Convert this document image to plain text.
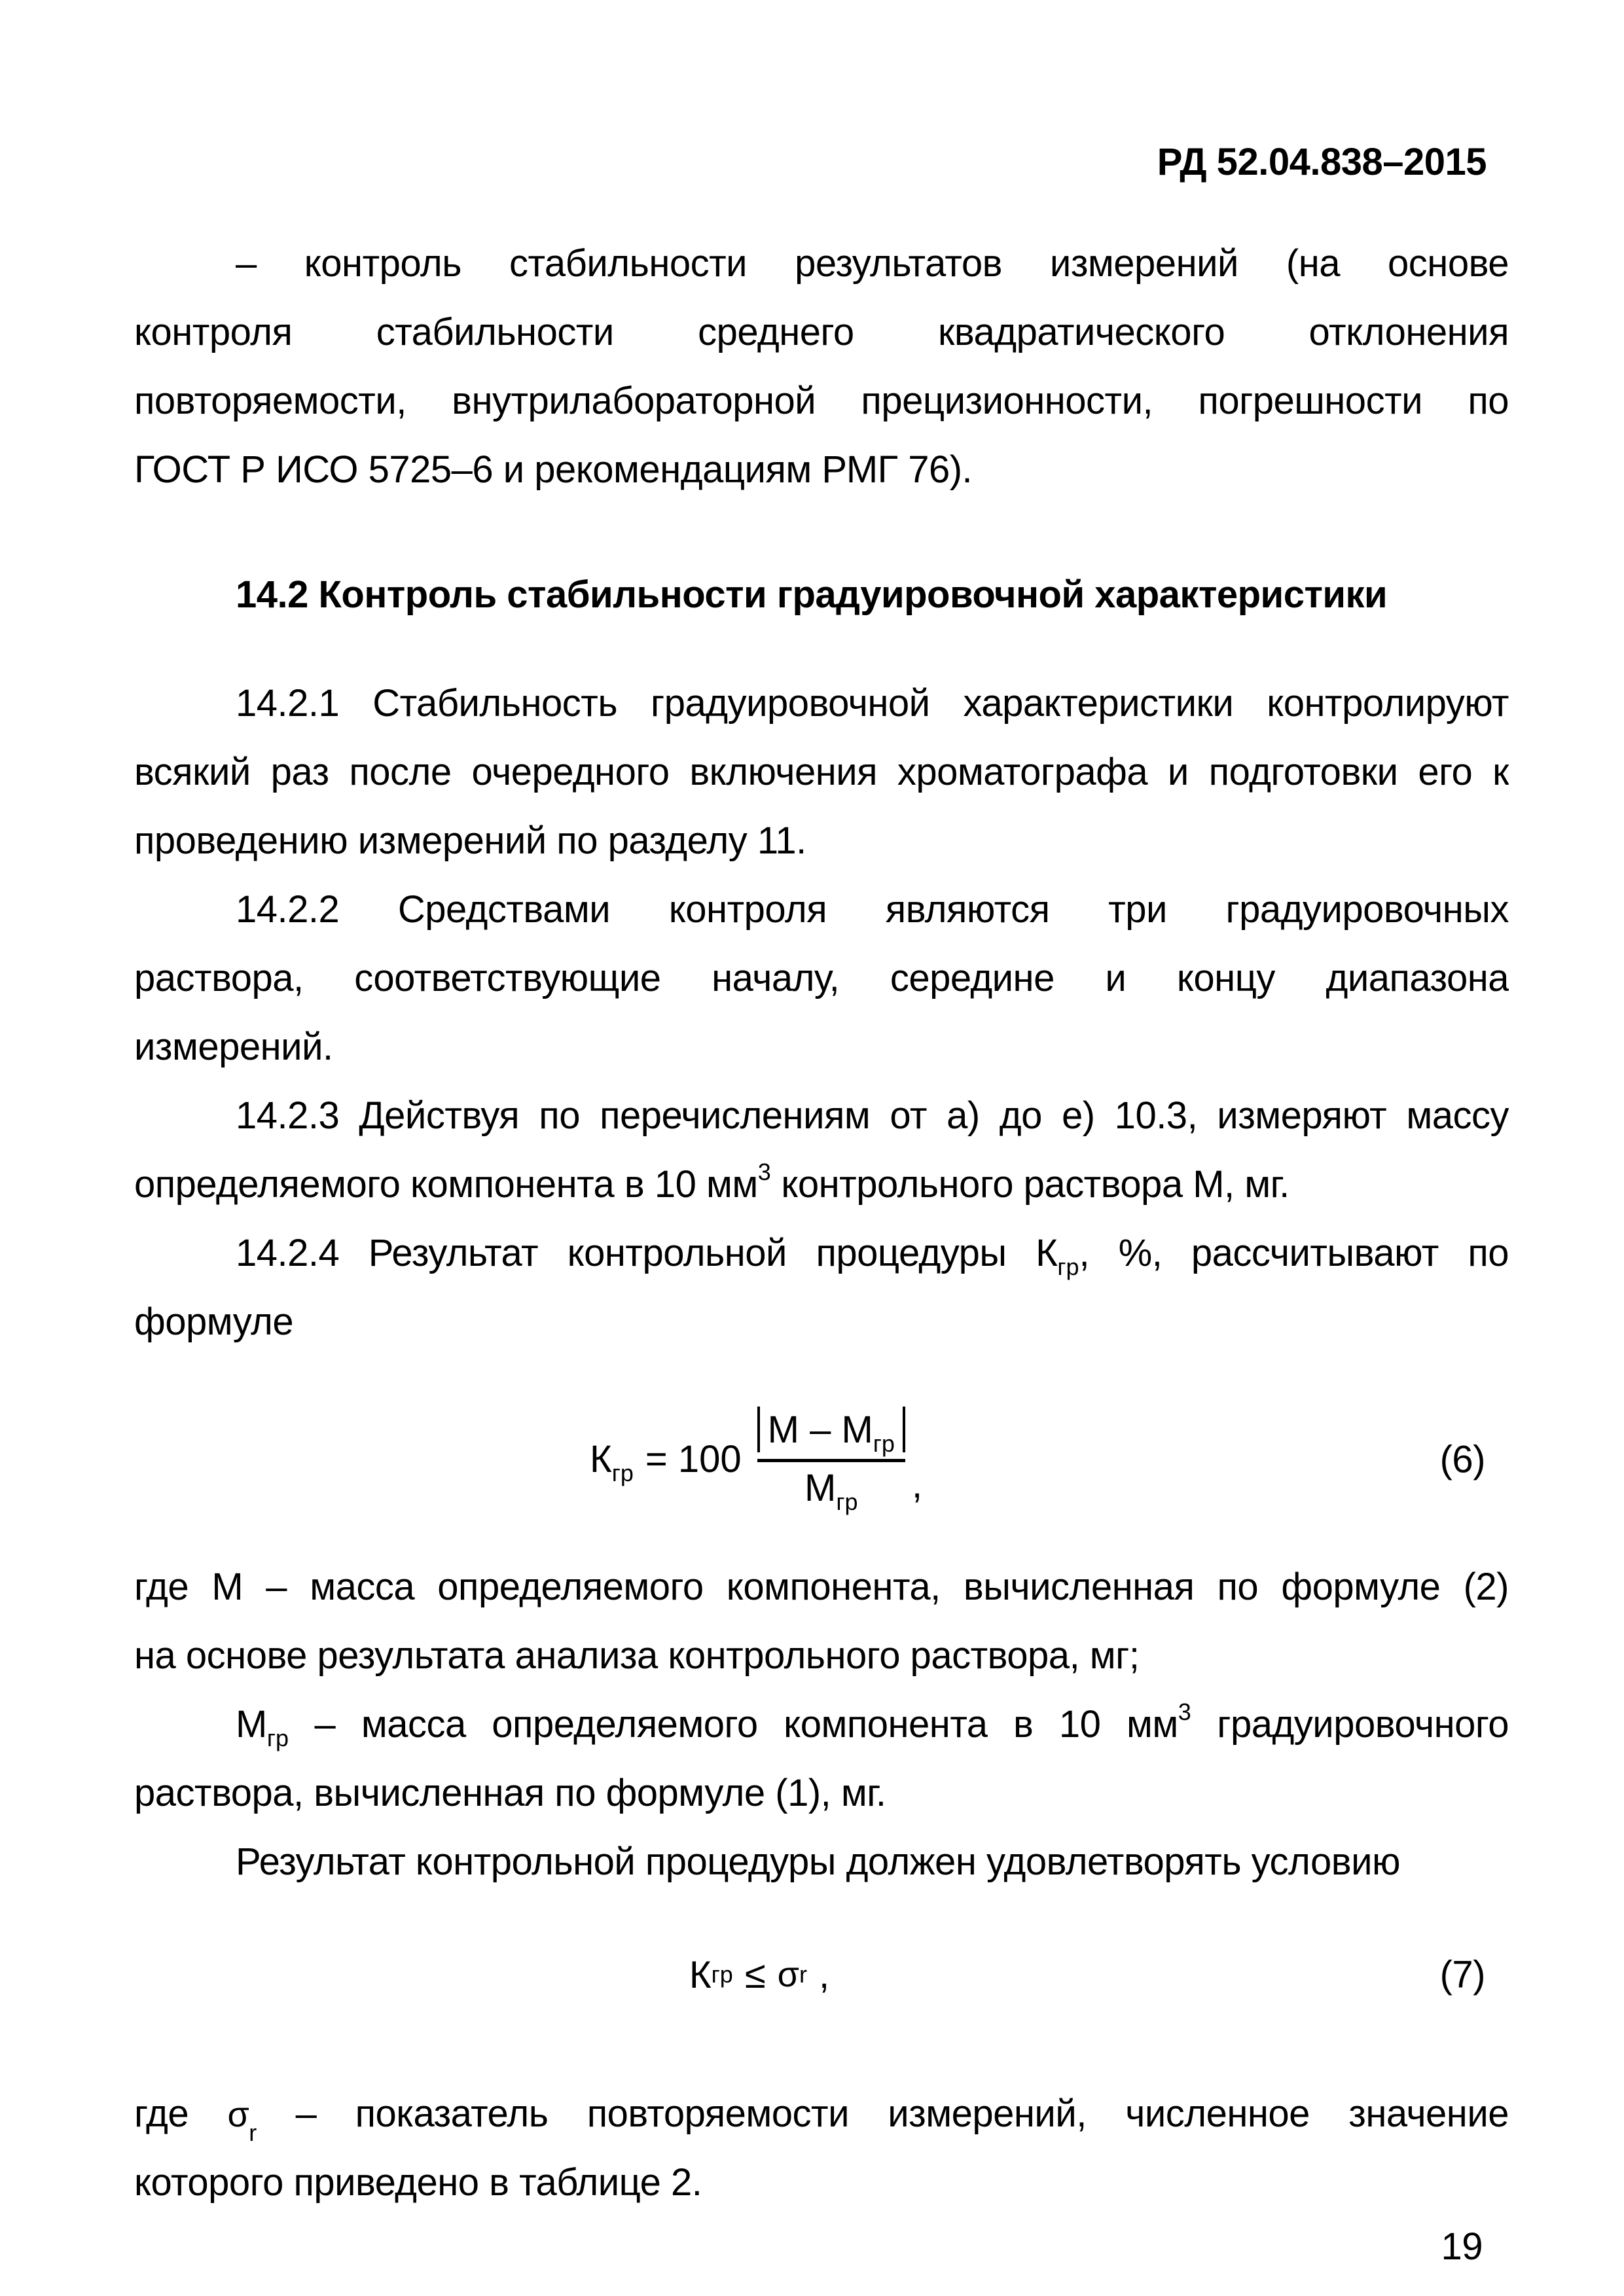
РД 52.04.838–2015
– контроль стабильности результатов измерений (на основе
контроля стабильности среднего квадратического отклонения
повторяемости, внутрилабораторной прецизионности, погрешности по
ГОСТ Р ИСО 5725–6 и рекомендациям РМГ 76).
14.2 Контроль стабильности градуировочной характеристики
14.2.1 Стабильность градуировочной характеристики контролируют
всякий раз после очередного включения хроматографа и подготовки его к
проведению измерений по разделу 11.
14.2.2 Средствами контроля являются три градуировочных
раствора, соответствующие началу, середине и концу диапазона
измерений.
14.2.3 Действуя по перечислениям от а) до е) 10.3, измеряют массу
определяемого компонента в 10 $мм^3$ контрольного раствора М, мг.
14.2.4 Результат контрольной процедуры $К_{гр}$, %, рассчитывают по
формуле
$К_{гр} = 100$
М – $М_{гр}$
$М_{гр}$ ,
(6)
где М – масса определяемого компонента, вычисленная по формуле (2)
на основе результата анализа контрольного раствора, мг;
$М_{гр}$ – масса определяемого компонента в 10 $мм^3$ градуировочного
раствора, вычисленная по формуле (1), мг.
Результат контрольной процедуры должен удовлетворять условию
К гр ≤ σ r ,	(7)
где $\sigma_r$ – показатель повторяемости измерений, численное значение
которого приведено в таблице 2.
19
